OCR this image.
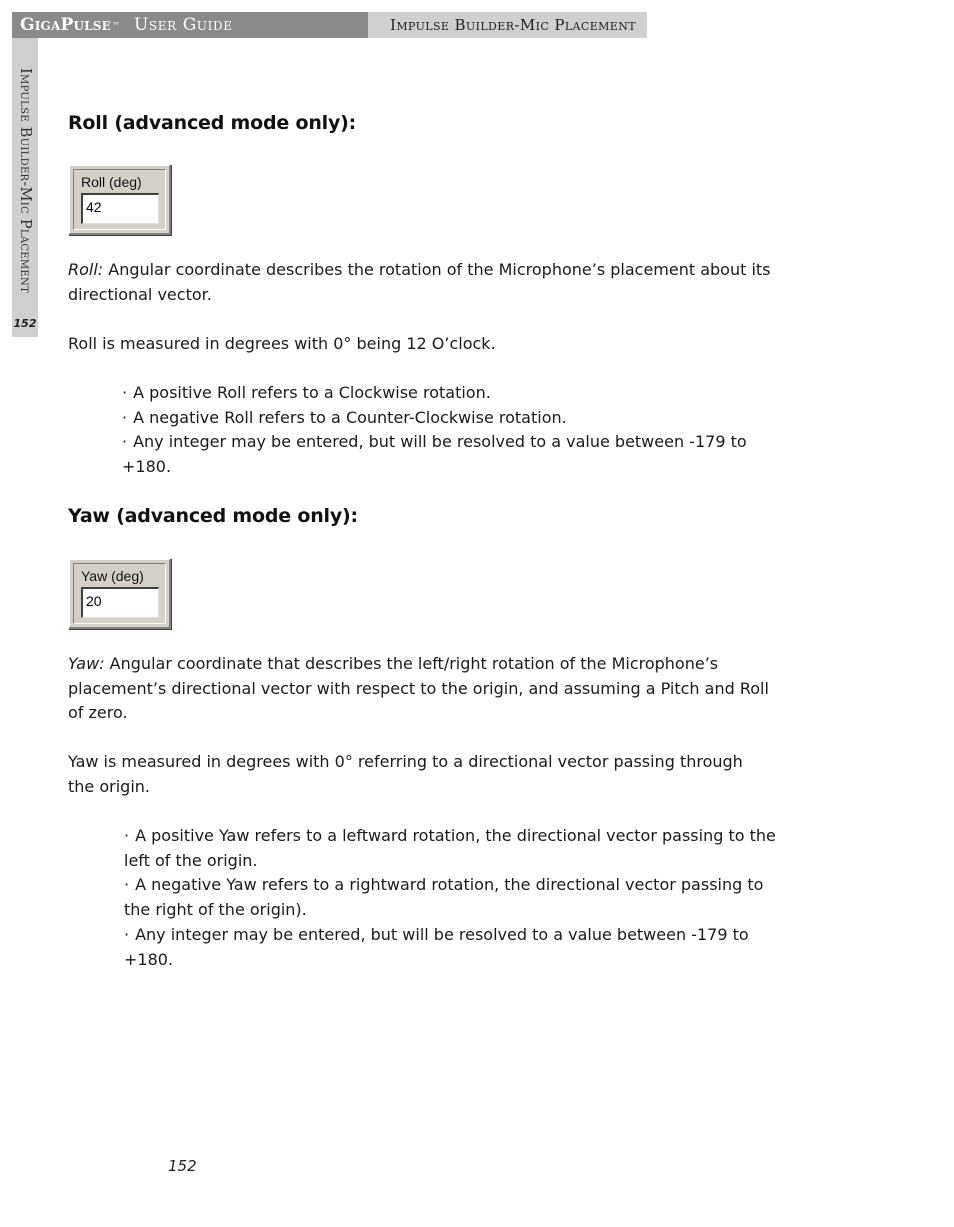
GigaPulse ™ User Guide	Impulse Builder-Mic Placement
Impulse Builder-Mic Placement
152
Roll (advanced mode only):
Roll (deg)
42
Roll: Angular coordinate describes the rotation of the Microphone’s placement about its directional vector.
Roll is measured in degrees with 0° being 12 O’clock.
· A positive Roll refers to a Clockwise rotation.
· A negative Roll refers to a Counter-Clockwise rotation.
· Any integer may be entered, but will be resolved to a value between -179 to +180.
Yaw (advanced mode only):
Yaw (deg)
20
Yaw: Angular coordinate that describes the left/right rotation of the Microphone’s placement’s directional vector with respect to the origin, and assuming a Pitch and Roll of zero.
Yaw is measured in degrees with 0° referring to a directional vector passing through the origin.
· A positive Yaw refers to a leftward rotation, the directional vector passing to the left of the origin.
· A negative Yaw refers to a rightward rotation, the directional vector passing to the right of the origin).
· Any integer may be entered, but will be resolved to a value between -179 to +180.
152
